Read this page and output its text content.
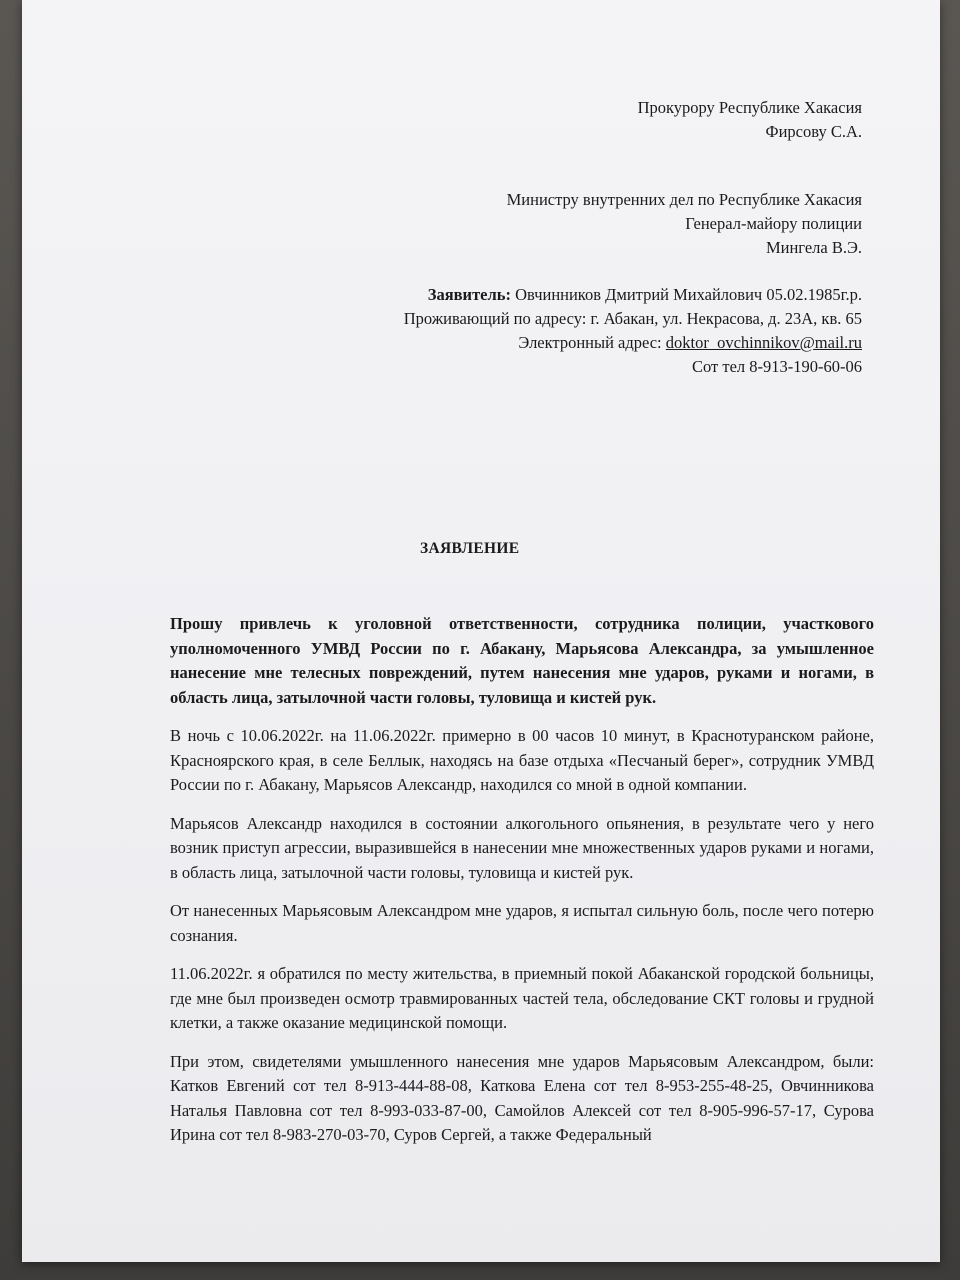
Прокурору Республике Хакасия
Фирсову С.А.
Министру внутренних дел по Республике Хакасия
Генерал-майору полиции
Мингела В.Э.
Заявитель: Овчинников Дмитрий Михайлович 05.02.1985г.р.
Проживающий по адресу: г. Абакан, ул. Некрасова, д. 23А, кв. 65
Электронный адрес: doktor_ovchinnikov@mail.ru
Сот тел 8-913-190-60-06
ЗАЯВЛЕНИЕ

Прошу привлечь к уголовной ответственности, сотрудника полиции, участкового уполномоченного УМВД России по г. Абакану, Марьясова Александра, за умышленное нанесение мне телесных повреждений, путем нанесения мне ударов, руками и ногами, в область лица, затылочной части головы, туловища и кистей рук.

В ночь с 10.06.2022г. на 11.06.2022г. примерно в 00 часов 10 минут, в Краснотуранском районе, Красноярского края, в селе Беллык, находясь на базе отдыха «Песчаный берег», сотрудник УМВД России по г. Абакану, Марьясов Александр, находился со мной в одной компании.

Марьясов Александр находился в состоянии алкогольного опьянения, в результате чего у него возник приступ агрессии, выразившейся в нанесении мне множественных ударов руками и ногами, в область лица, затылочной части головы, туловища и кистей рук.

От нанесенных Марьясовым Александром мне ударов, я испытал сильную боль, после чего потерю сознания.

11.06.2022г. я обратился по месту жительства, в приемный покой Абаканской городской больницы, где мне был произведен осмотр травмированных частей тела, обследование СКТ головы и грудной клетки, а также оказание медицинской помощи.

При этом, свидетелями умышленного нанесения мне ударов Марьясовым Александром, были: Катков Евгений сот тел 8-913-444-88-08, Каткова Елена сот тел 8-953-255-48-25, Овчинникова Наталья Павловна сот тел 8-993-033-87-00, Самойлов Алексей сот тел 8-905-996-57-17, Сурова Ирина сот тел 8-983-270-03-70, Суров Сергей, а также Федеральный
